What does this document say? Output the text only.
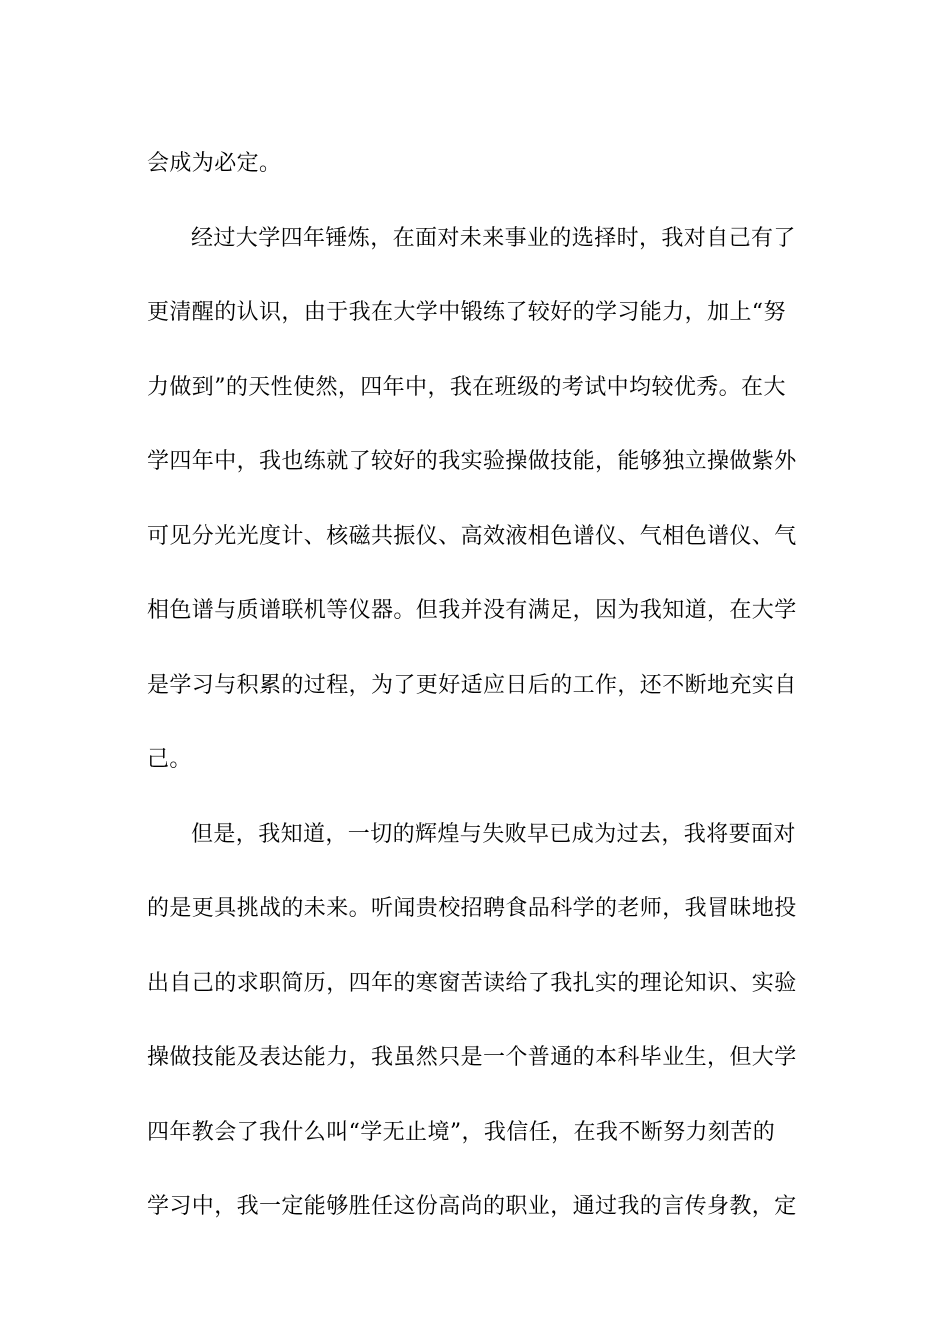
会成为必定。
经过大学四年锤炼，在面对未来事业的选择时，我对自己有了
更清醒的认识，由于我在大学中锻练了较好的学习能力，加上“努
力做到”的天性使然，四年中，我在班级的考试中均较优秀。在大
学四年中，我也练就了较好的我实验操做技能，能够独立操做紫外
可见分光光度计、核磁共振仪、高效液相色谱仪、气相色谱仪、气
相色谱与质谱联机等仪器。但我并没有满足，因为我知道，在大学
是学习与积累的过程，为了更好适应日后的工作，还不断地充实自
己。
但是，我知道，一切的辉煌与失败早已成为过去，我将要面对
的是更具挑战的未来。听闻贵校招聘食品科学的老师，我冒昧地投
出自己的求职简历，四年的寒窗苦读给了我扎实的理论知识、实验
操做技能及表达能力，我虽然只是一个普通的本科毕业生，但大学
四年教会了我什么叫“学无止境”，我信任，在我不断努力刻苦的
学习中，我一定能够胜任这份高尚的职业，通过我的言传身教，定
